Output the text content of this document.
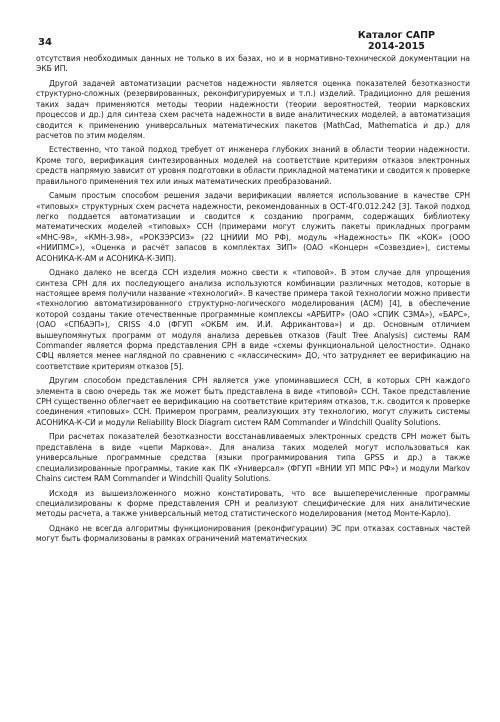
34
Каталог САПР
2014-2015

отсутствия необходимых данных не только в их базах, но и в нормативно-технической документации на ЭКБ ИП.

Другой задачей автоматизации расчетов надежности является оценка показателей безотказности структурно-сложных (резервированных, реконфигурируемых и т.п.) изделий. Традиционно для решения таких задач применяются методы теории надежности (теории вероятностей, теории марковских процессов и др.) для синтеза схем расчета надежности в виде аналитических моделей, а автоматизация сводится к применению универсальных математических пакетов (MathCad, Mathematica и др.) для расчетов по этим моделям.

Естественно, что такой подход требует от инженера глубоких знаний в области теории надежности. Кроме того, верификация синтезированных моделей на соответствие критериям отказов электронных средств напрямую зависит от уровня подготовки в области прикладной математики и сводится к проверке правильного применения тех или иных математических преобразований.

Самым простым способом решения задачи верификации является использование в качестве СРН «типовых» структурных схем расчета надежности, рекомендованных в ОСТ-4Г0.012.242 [3]. Такой подход легко поддается автоматизации и сводится к созданию программ, содержащих библиотеку математических моделей «типовых» ССН (примерами могут служить пакеты прикладных программ «МНС-98», «КМН-3.98», «РОКЗЭРСИЗ» (22 ЦНИИИ МО РФ), модуль «Надежность» ПК «КОК» (ООО «НИИПМС»), «Оценка и расчёт запасов в комплектах ЗИП» (ОАО «Концерн «Созвездие»), системы АСОНИКА-К-АМ и АСОНИКА-К-ЗИП).

Однако далеко не всегда ССН изделия можно свести к «типовой». В этом случае для упрощения синтеза СРН для их последующего анализа используются комбинации различных методов, которые в настоящее время получили название «технологий». В качестве примера такой технологии можно привести «технологию автоматизированного структурно-логического моделирования (АСМ) [4], в обеспечение которой созданы такие отечественные программные комплексы «АРБИТР» (ОАО «СПИК СЗМА»), «БАРС», (ОАО «СПбАЭП»), CRISS 4.0 (ФГУП «ОКБМ им. И.И. Африкантова») и др. Основным отличием вышеупомянутых программ от модуля анализа деревьев отказов (Fault Tree Analysis) системы RAM Commander является форма представления СРН в виде «схемы функциональной целостности». Однако СФЦ является менее наглядной по сравнению с «классическим» ДО, что затрудняет ее верификацию на соответствие критериям отказов [5].

Другим способом представления СРН является уже упоминавшиеся ССН, в которых СРН каждого элемента в свою очередь так же может быть представлена в виде «типовой» ССН. Такое представление СРН существенно облегчает ее верификацию на соответствие критериям отказов, т.к. сводится к проверке соединения «типовых» ССН. Примером программ, реализующих эту технологию, могут служить системы АСОНИКА-К-СИ и модули Reliability Block Diagram систем RAM Commander и Windchill Quality Solutions.

При расчетах показателей безотказности восстанавливаемых электронных средств СРН может быть представлена в виде «цепи Маркова». Для анализа таких моделей могут использоваться как универсальные программные средства (языки программирования типа GPSS и др.) а также специализированные программы, такие как ПК «Универсал» (ФГУП «ВНИИ УП МПС РФ») и модули Markov Chains систем RAM Commander и Windchill Quality Solutions.

Исходя из вышеизложенного можно констатировать, что все вышеперечисленные программы специализированы к форме представления СРН и реализуют специфические для них аналитические методы расчета, а также универсальный метод статистического моделирования (метод Монте-Карло).

Однако не всегда алгоритмы функционирования (реконфигурации) ЭС при отказах составных частей могут быть формализованы в рамках ограничений математических
